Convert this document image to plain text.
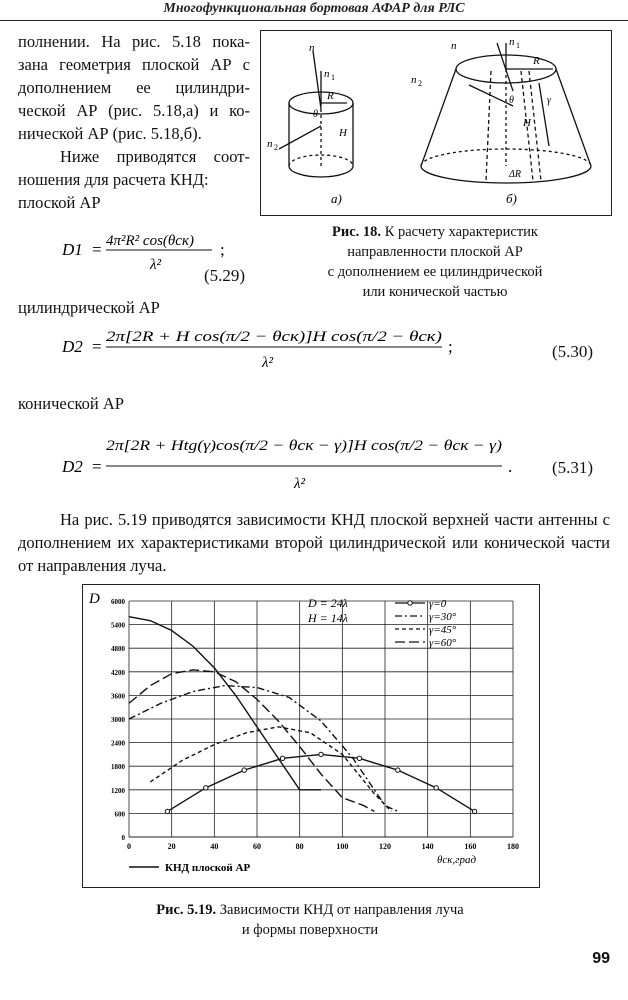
Многофункциональная бортовая АФАР для РЛС

полнении. На рис. 5.18 пока-зана геометрия плоской АР с дополнением ее цилиндри-ческой АР (рис. 5.18,а) и ко-нической АР (рис. 5.18,б).

Ниже приводятся соот-ношения для расчета КНД:

плоской АР

n 1
n
R
θ
H
n 2
а)
n	n 1
R
n 2
θ	γ
H
ΔR
б)
Рис. 18. К расчету характеристик
направленности плоской АР
с дополнением ее цилиндрической
или конической частью
D1 = 4π²R² cos(θск)
λ²
;
(5.29)
цилиндрической АР
D2 = 2π[2R + H cos(π/2 − θск)]H cos(π/2 − θск)
λ²
;	(5.30)
конической АР
D2 =
2π[2R + Htg(γ)cos(π/2 − θск − γ)]H cos(π/2 − θск − γ)
λ²
. (5.31)
На рис. 5.19 приводятся зависимости КНД плоской верхней части антенны с дополнением их характеристиками второй цилиндрической или конической части от направления луча.
D
θск,град
D = 24λ
H = 14λ
0	20	40	60	80	100	120	140	160	180
600
1200
1800
2400
3000
3600
4200
4800
5400
6000
0
γ=0
γ=30°
γ=45°
γ=60°
КНД плоской АР
Рис. 5.19. Зависимости КНД от направления луча
и формы поверхности
99
